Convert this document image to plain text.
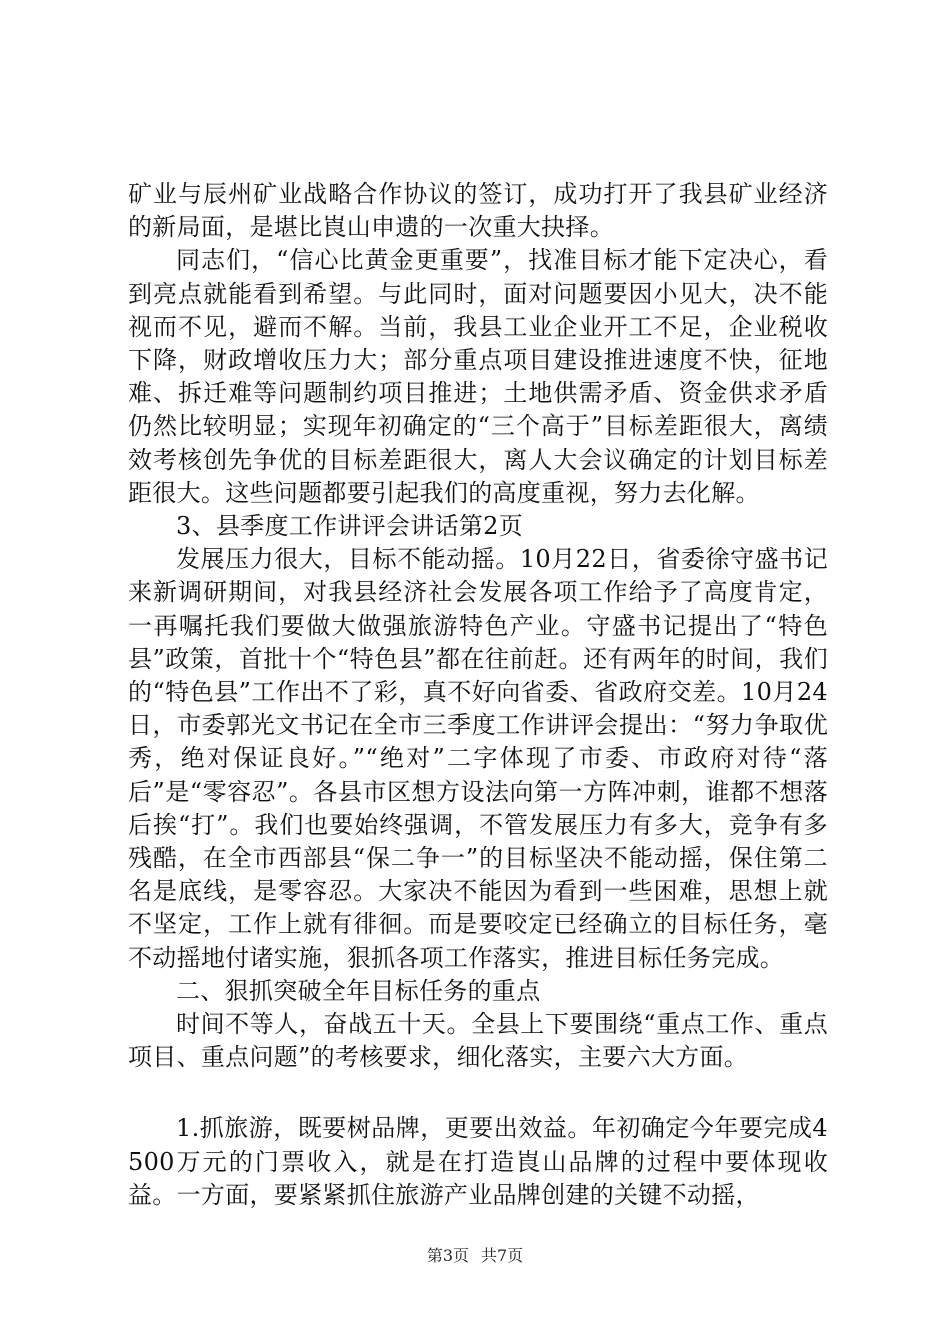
矿业与辰州矿业战略合作协议的签订，成功打开了我县矿业经济的新局面，是堪比崀山申遗的一次重大抉择。

同志们，“信心比黄金更重要”，找准目标才能下定决心，看到亮点就能看到希望。与此同时，面对问题要因小见大，决不能视而不见，避而不解。当前，我县工业企业开工不足，企业税收下降，财政增收压力大；部分重点项目建设推进速度不快，征地难、拆迁难等问题制约项目推进；土地供需矛盾、资金供求矛盾仍然比较明显；实现年初确定的“三个高于”目标差距很大，离绩效考核创先争优的目标差距很大，离人大会议确定的计划目标差距很大。这些问题都要引起我们的高度重视，努力去化解。

3、县季度工作讲评会讲话第2页

发展压力很大，目标不能动摇。10月22日，省委徐守盛书记来新调研期间，对我县经济社会发展各项工作给予了高度肯定，一再嘱托我们要做大做强旅游特色产业。守盛书记提出了“特色县”政策，首批十个“特色县”都在往前赶。还有两年的时间，我们的“特色县”工作出不了彩，真不好向省委、省政府交差。10月24日，市委郭光文书记在全市三季度工作讲评会提出：“努力争取优秀，绝对保证良好。”“绝对”二字体现了市委、市政府对待“落后”是“零容忍”。各县市区想方设法向第一方阵冲刺，谁都不想落后挨“打”。我们也要始终强调，不管发展压力有多大，竞争有多残酷，在全市西部县“保二争一”的目标坚决不能动摇，保住第二名是底线，是零容忍。大家决不能因为看到一些困难，思想上就不坚定，工作上就有徘徊。而是要咬定已经确立的目标任务，毫不动摇地付诸实施，狠抓各项工作落实，推进目标任务完成。

二、狠抓突破全年目标任务的重点

时间不等人，奋战五十天。全县上下要围绕“重点工作、重点项目、重点问题”的考核要求，细化落实，主要六大方面。

1.抓旅游，既要树品牌，更要出效益。年初确定今年要完成4500万元的门票收入，就是在打造崀山品牌的过程中要体现收益。一方面，要紧紧抓住旅游产业品牌创建的关键不动摇，

第3页 共7页
